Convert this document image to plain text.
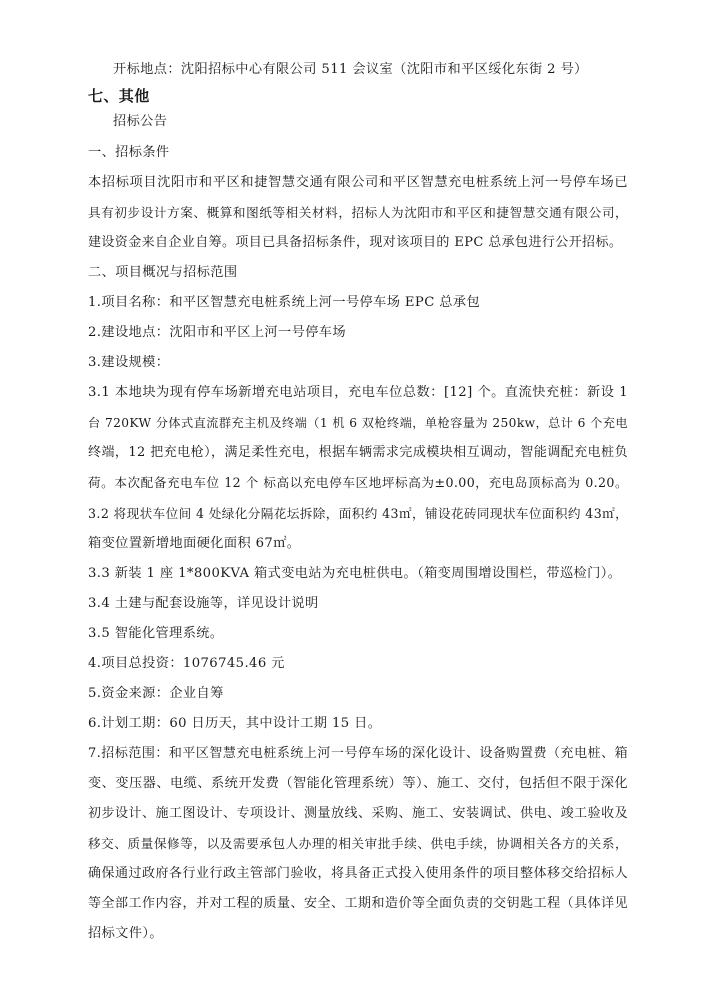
开标地点：沈阳招标中心有限公司 511 会议室（沈阳市和平区绥化东街 2 号）
七、其他
招标公告
一、招标条件
本招标项目沈阳市和平区和捷智慧交通有限公司和平区智慧充电桩系统上河一号停车场已
具有初步设计方案、概算和图纸等相关材料，招标人为沈阳市和平区和捷智慧交通有限公司，
建设资金来自企业自筹。项目已具备招标条件，现对该项目的 EPC 总承包进行公开招标。
二、项目概况与招标范围
1.项目名称：和平区智慧充电桩系统上河一号停车场 EPC 总承包
2.建设地点：沈阳市和平区上河一号停车场
3.建设规模：
3.1 本地块为现有停车场新增充电站项目，充电车位总数：[12] 个。直流快充桩：新设 1
台 720KW 分体式直流群充主机及终端（1 机 6 双枪终端，单枪容量为 250kw，总计 6 个充电
终端，12 把充电枪），满足柔性充电，根据车辆需求完成模块相互调动，智能调配充电桩负
荷。本次配备充电车位 12 个 标高以充电停车区地坪标高为±0.00，充电岛顶标高为 0.20。
3.2 将现状车位间 4 处绿化分隔花坛拆除，面积约 43㎡，铺设花砖同现状车位面积约 43㎡，
箱变位置新增地面硬化面积 67㎡。
3.3 新装 1 座 1*800KVA 箱式变电站为充电桩供电。（箱变周围增设围栏，带巡检门）。
3.4 土建与配套设施等，详见设计说明
3.5 智能化管理系统。
4.项目总投资：1076745.46 元
5.资金来源：企业自筹
6.计划工期：60 日历天，其中设计工期 15 日。
7.招标范围：和平区智慧充电桩系统上河一号停车场的深化设计、设备购置费（充电桩、箱
变、变压器、电缆、系统开发费（智能化管理系统）等）、施工、交付，包括但不限于深化
初步设计、施工图设计、专项设计、测量放线、采购、施工、安装调试、供电、竣工验收及
移交、质量保修等，以及需要承包人办理的相关审批手续、供电手续，协调相关各方的关系，
确保通过政府各行业行政主管部门验收，将具备正式投入使用条件的项目整体移交给招标人
等全部工作内容，并对工程的质量、安全、工期和造价等全面负责的交钥匙工程（具体详见
招标文件）。
